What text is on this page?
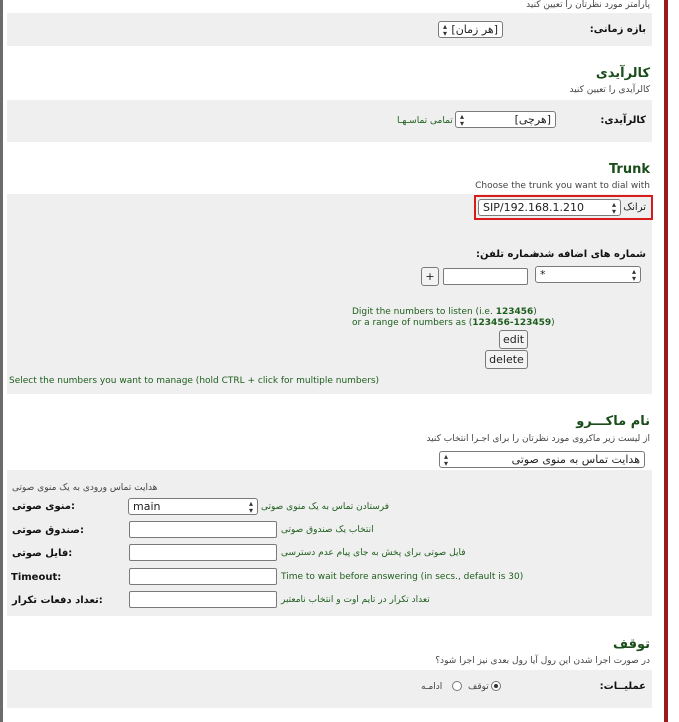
پارامتر مورد نظرتان را تعیین کنید
بازه زمانی:
[هر زمان]
▴
▾
کالرآیدی
کالرآیدی را تعیین کنید
کالرآیدی:
[هرچی]
▴
▾
تمامی تماسـهـا
Trunk
Choose the trunk you want to dial with
ترانک
SIP/192.168.1.210	▴
▾
شماره های اضافه شده
شماره تلفن:
*	▴
▾
+
Digit the numbers to listen (i.e. 123456)
or a range of numbers as (123456-123459)
edit
delete
Select the numbers you want to manage (hold CTRL + click for multiple numbers)
نام ماکـــرو
از لیست زیر ماکروی مورد نظرتان را برای اجـرا انتخاب کنید
هدایت تماس به منوی صوتی
▴
▾
هدایت تماس ورودی به یک منوی صوتی
:منوی صوتی	main	▴
▾ فرستادن تماس به یک منوی صوتی
:صندوق صوتی	انتخاب یک صندوق صوتی
:فایل صوتی	فایل صوتی برای پخش به جای پیام عدم دسترسی
Timeout:	Time to wait before answering (in secs., default is 30)
:تعداد دفعات تکرار	تعداد تکرار در تایم اوت و انتخاب نامعتبر
توقف
در صورت اجرا شدن این رول آیا رول بعدی نیز اجرا شود؟
عملیــات:
توقف
ادامـه
